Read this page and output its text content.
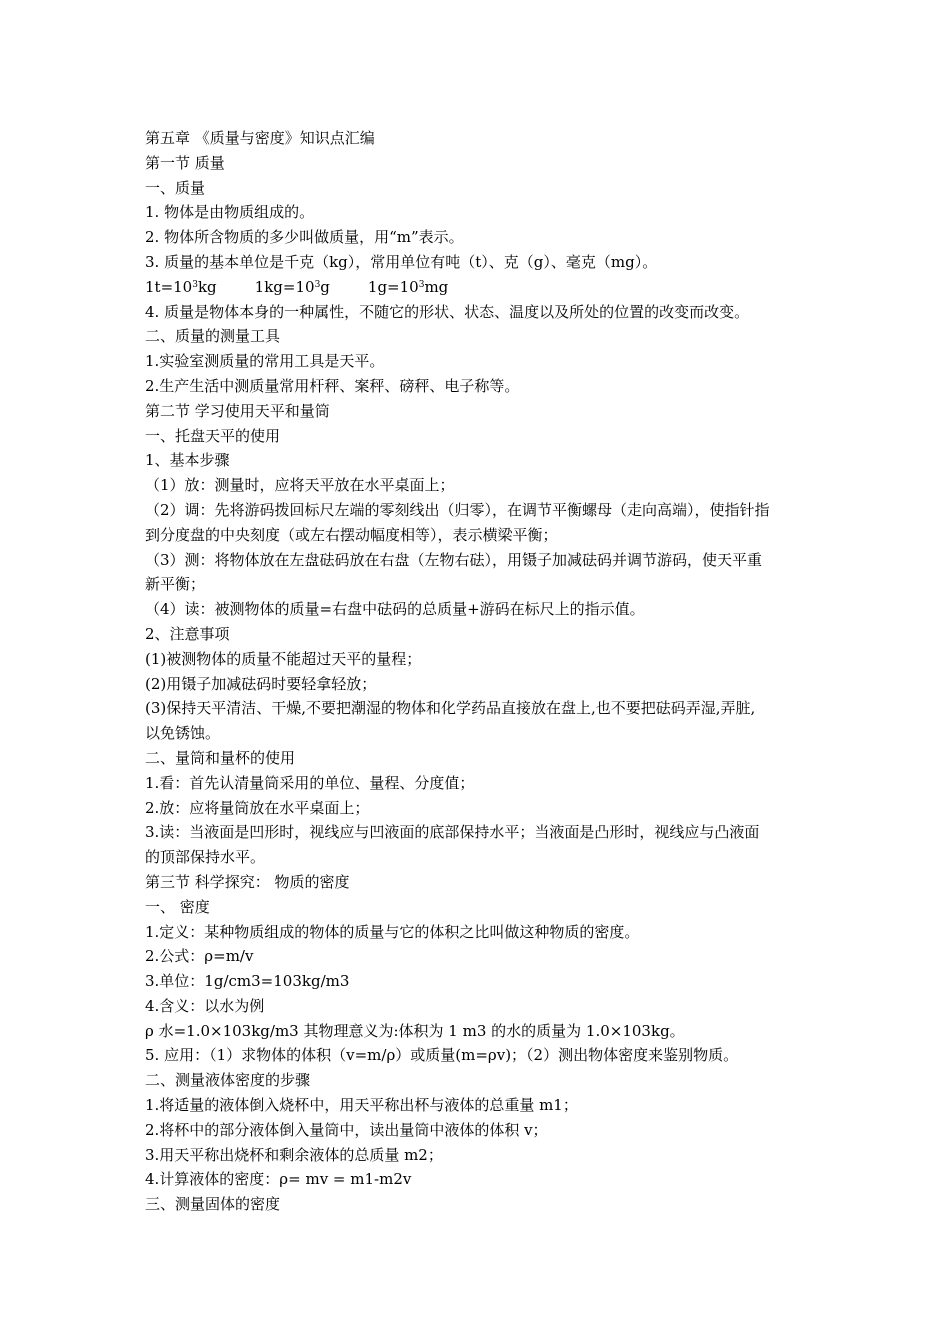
第五章 《质量与密度》知识点汇编
第一节 质量
一、质量
1. 物体是由物质组成的。
2. 物体所含物质的多少叫做质量，用“m”表示。
3. 质量的基本单位是千克（kg），常用单位有吨（t）、克（g）、毫克（mg）。
$1t=10^3kg$	$1kg=10^3g$	$1g=10^3mg$
4. 质量是物体本身的一种属性，不随它的形状、状态、温度以及所处的位置的改变而改变。
二、质量的测量工具
1.实验室测质量的常用工具是天平。
2.生产生活中测质量常用杆秤、案秤、磅秤、电子称等。
第二节 学习使用天平和量筒
一、托盘天平的使用
1、基本步骤
（1）放：测量时，应将天平放在水平桌面上；
（2）调：先将游码拨回标尺左端的零刻线出（归零），在调节平衡螺母（走向高端），使指针指
到分度盘的中央刻度（或左右摆动幅度相等），表示横梁平衡；
（3）测：将物体放在左盘砝码放在右盘（左物右砝），用镊子加减砝码并调节游码，使天平重
新平衡；
（4）读：被测物体的质量=右盘中砝码的总质量+游码在标尺上的指示值。
2、注意事项
(1)被测物体的质量不能超过天平的量程；
(2)用镊子加减砝码时要轻拿轻放；
(3)保持天平清洁、干燥,不要把潮湿的物体和化学药品直接放在盘上,也不要把砝码弄湿,弄脏,
以免锈蚀。
二、量筒和量杯的使用
1.看：首先认清量筒采用的单位、量程、分度值；
2.放：应将量筒放在水平桌面上；
3.读：当液面是凹形时，视线应与凹液面的底部保持水平；当液面是凸形时，视线应与凸液面
的顶部保持水平。
第三节 科学探究： 物质的密度
一、 密度
1.定义：某种物质组成的物体的质量与它的体积之比叫做这种物质的密度。
2.公式：ρ=m/v
3.单位：1g/cm3=103kg/m3
4.含义：以水为例
ρ 水=1.0×103kg/m3 其物理意义为:体积为 1 m3 的水的质量为 1.0×103kg。
5. 应用：（1）求物体的体积（v=m/ρ）或质量(m=ρv)；（2）测出物体密度来鉴别物质。
二、测量液体密度的步骤
1.将适量的液体倒入烧杯中，用天平称出杯与液体的总重量 m1；
2.将杯中的部分液体倒入量筒中，读出量筒中液体的体积 v；
3.用天平称出烧杯和剩余液体的总质量 m2；
4.计算液体的密度：ρ= mv = m1-m2v
三、测量固体的密度
